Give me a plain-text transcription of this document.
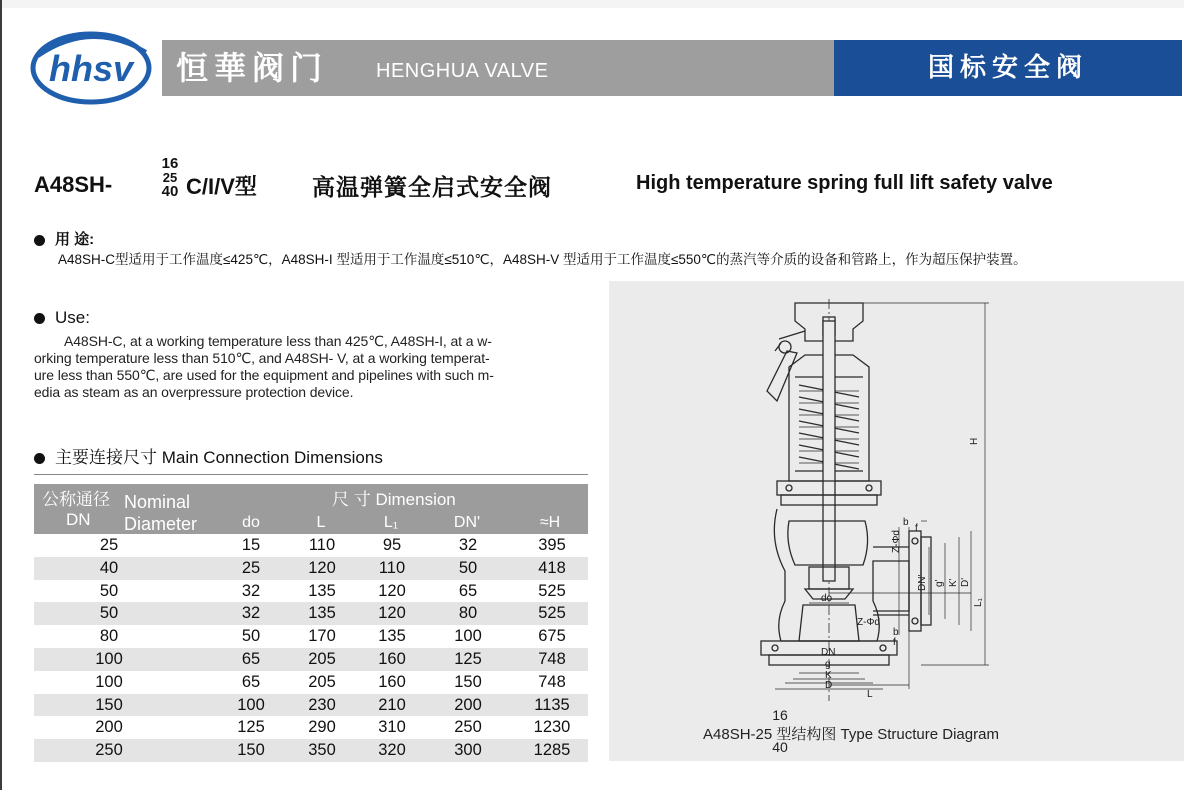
hhsv 恒華阀门 HENGHUA VALVE	国标安全阀
A48SH-
16
25
40 C/I/V型 高温弹簧全启式安全阀	High temperature spring full lift safety valve
用 途:
A48SH-C型适用于工作温度≤425℃，A48SH-I 型适用于工作温度≤510℃，A48SH-V 型适用于工作温度≤550℃的蒸汽等介质的设备和管路上，作为超压保护装置。
Use:
A48SH-C, at a working temperature less than 425℃, A48SH-I, at a w-
orking temperature less than 510℃, and A48SH- V, at a working temperat-
ure less than 550℃, are used for the equipment and pipelines with such m-
edia as steam as an overpressure protection device.
主要连接尺寸 Main Connection Dimensions
公称通径
DN
Nominal
Diameter
尺 寸 Dimension
do	L	L₁	DN'	≈H
25	15	110	95	32	395
40	25	120	110	50	418
50	32	135	120	65	525
50	32	135	120	80	525
80	50	170	135	100	675
100	65	205	160	125	748
100	65	205	160	150	748
150	100	230	210	200	1135
200	125	290	310	250	1230
250	150	350	320	300	1285
H
b
f
Z-Φd
DN' g' K' D'
L₁
do
Z-Φd
b
f
DN
g
K
D
L
16
40
A48SH-25 型结构图 Type Structure Diagram
